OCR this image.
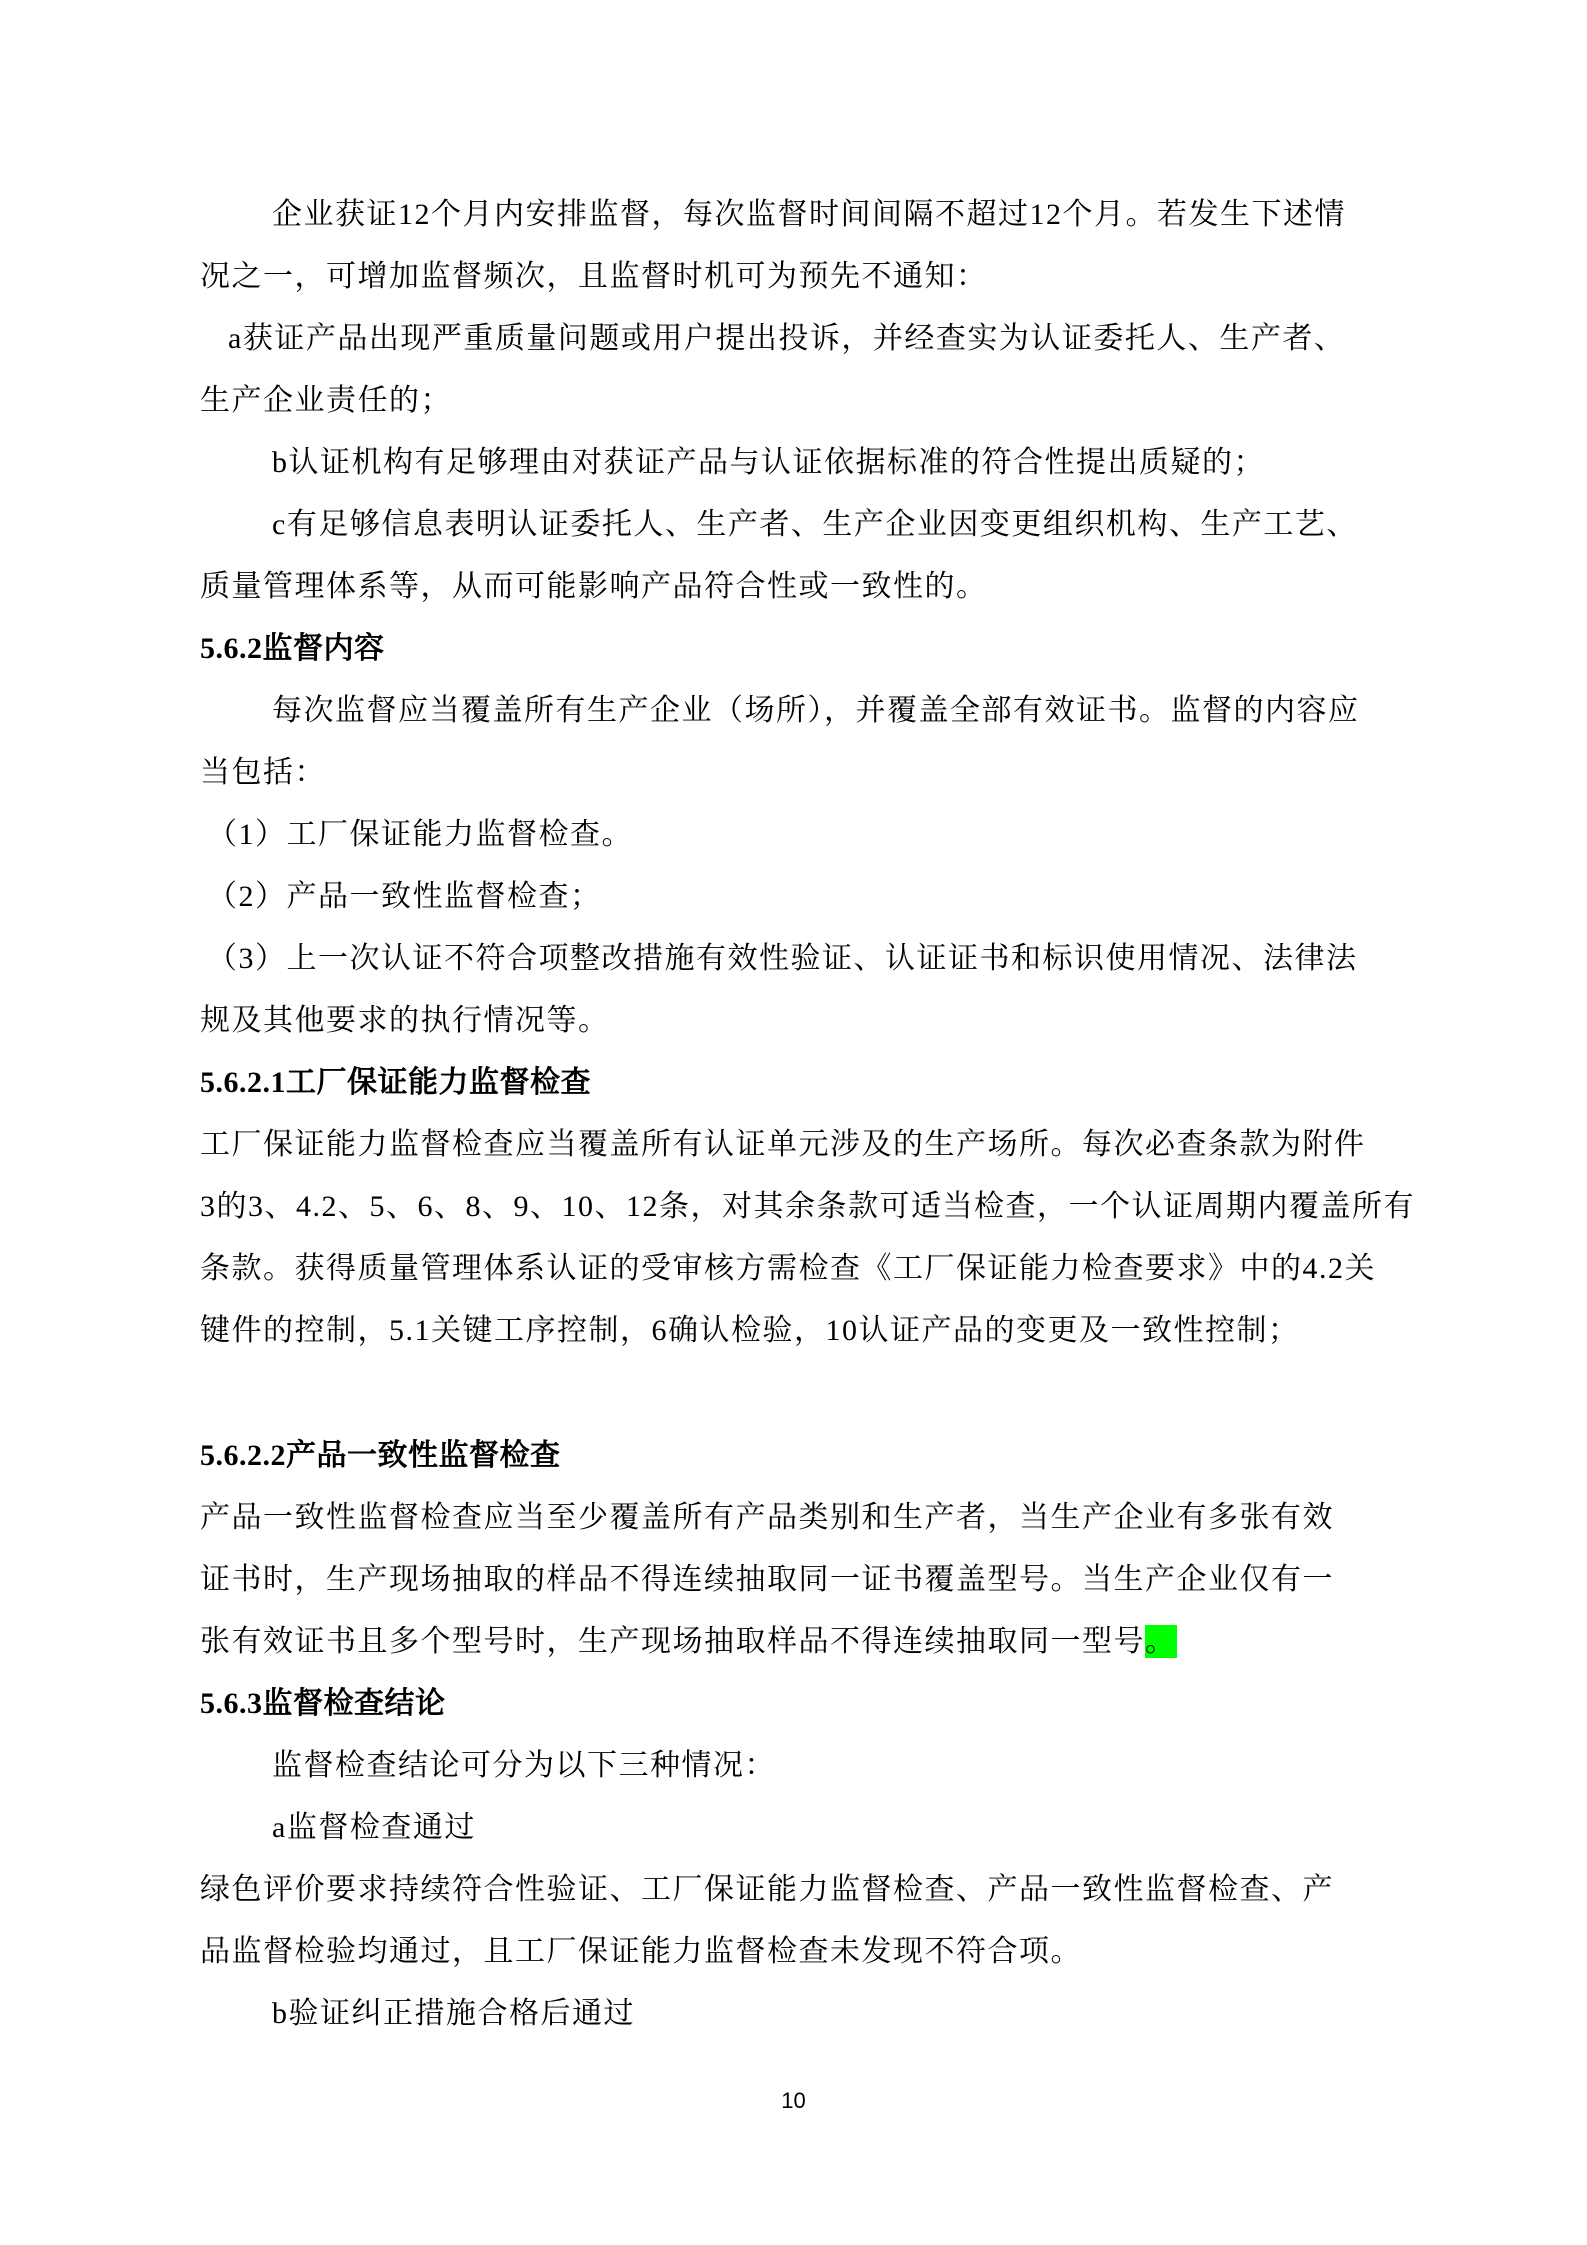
企业获证12个月内安排监督，每次监督时间间隔不超过12个月。若发生下述情
况之一，可增加监督频次，且监督时机可为预先不通知：
a获证产品出现严重质量问题或用户提出投诉，并经查实为认证委托人、生产者、
生产企业责任的；
b认证机构有足够理由对获证产品与认证依据标准的符合性提出质疑的；
c有足够信息表明认证委托人、生产者、生产企业因变更组织机构、生产工艺、
质量管理体系等，从而可能影响产品符合性或一致性的。
5.6.2监督内容
每次监督应当覆盖所有生产企业（场所），并覆盖全部有效证书。监督的内容应
当包括：
（1）工厂保证能力监督检查。
（2）产品一致性监督检查；
（3）上一次认证不符合项整改措施有效性验证、认证证书和标识使用情况、法律法
规及其他要求的执行情况等。
5.6.2.1工厂保证能力监督检查
工厂保证能力监督检查应当覆盖所有认证单元涉及的生产场所。每次必查条款为附件
3的3、4.2、5、6、8、9、10、12条，对其余条款可适当检查，一个认证周期内覆盖所有
条款。获得质量管理体系认证的受审核方需检查《工厂保证能力检查要求》中的4.2关
键件的控制，5.1关键工序控制，6确认检验，10认证产品的变更及一致性控制；
5.6.2.2产品一致性监督检查
产品一致性监督检查应当至少覆盖所有产品类别和生产者，当生产企业有多张有效
证书时，生产现场抽取的样品不得连续抽取同一证书覆盖型号。当生产企业仅有一
张有效证书且多个型号时，生产现场抽取样品不得连续抽取同一型号。
5.6.3监督检查结论
监督检查结论可分为以下三种情况：
a监督检查通过
绿色评价要求持续符合性验证、工厂保证能力监督检查、产品一致性监督检查、产
品监督检验均通过，且工厂保证能力监督检查未发现不符合项。
b验证纠正措施合格后通过
10
